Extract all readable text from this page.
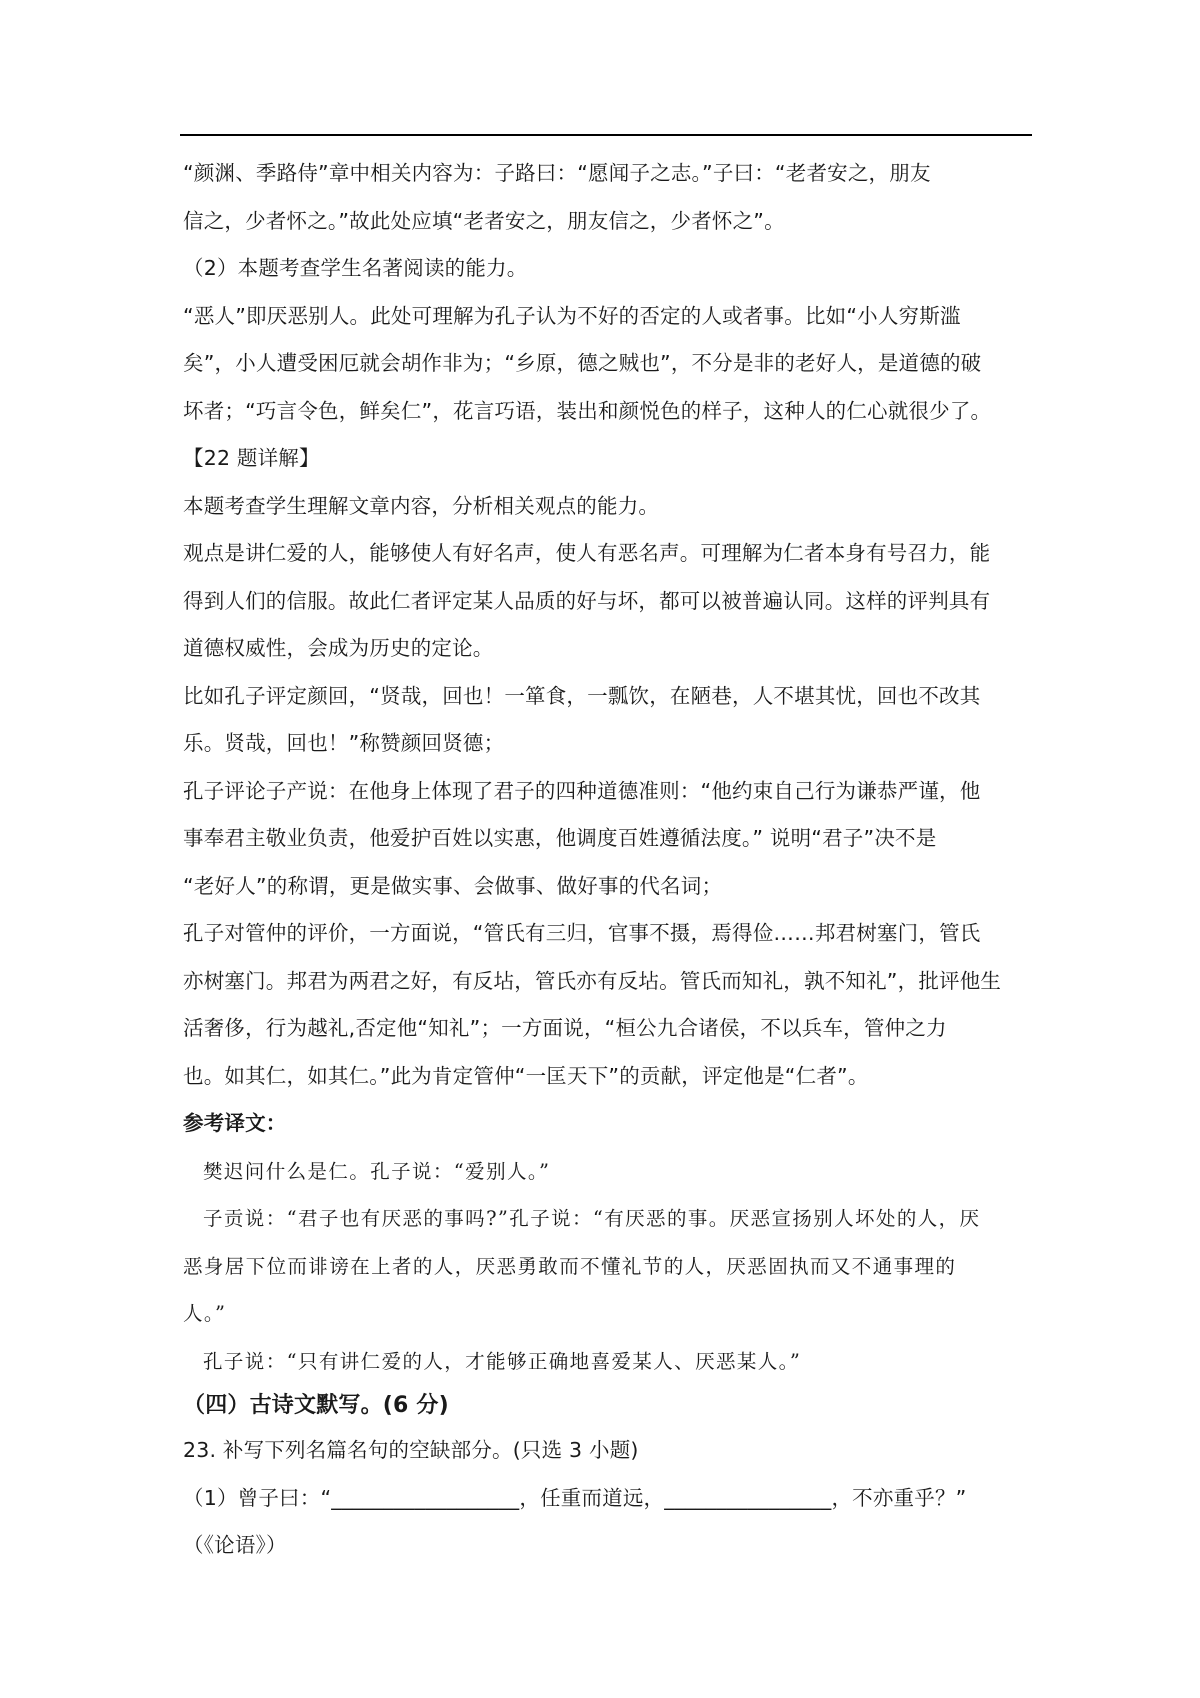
“颜渊、季路侍”章中相关内容为：子路曰：“愿闻子之志。”子曰：“老者安之，朋友
信之，少者怀之。”故此处应填“老者安之，朋友信之，少者怀之”。
（2）本题考查学生名著阅读的能力。
“恶人”即厌恶别人。此处可理解为孔子认为不好的否定的人或者事。比如“小人穷斯滥
矣”，小人遭受困厄就会胡作非为；“乡原，德之贼也”，不分是非的老好人，是道德的破
坏者；“巧言令色，鲜矣仁”，花言巧语，装出和颜悦色的样子，这种人的仁心就很少了。
【22 题详解】
本题考查学生理解文章内容，分析相关观点的能力。
观点是讲仁爱的人，能够使人有好名声，使人有恶名声。可理解为仁者本身有号召力，能
得到人们的信服。故此仁者评定某人品质的好与坏，都可以被普遍认同。这样的评判具有
道德权威性，会成为历史的定论。
比如孔子评定颜回，“贤哉，回也！一箪食，一瓢饮，在陋巷，人不堪其忧，回也不改其
乐。贤哉，回也！”称赞颜回贤德；
孔子评论子产说：在他身上体现了君子的四种道德准则：“他约束自己行为谦恭严谨，他
事奉君主敬业负责，他爱护百姓以实惠，他调度百姓遵循法度。” 说明“君子”决不是
“老好人”的称谓，更是做实事、会做事、做好事的代名词；
孔子对管仲的评价，一方面说，“管氏有三归，官事不摄，焉得俭……邦君树塞门，管氏
亦树塞门。邦君为两君之好，有反坫，管氏亦有反坫。管氏而知礼，孰不知礼”，批评他生
活奢侈，行为越礼,否定他“知礼”；一方面说，“桓公九合诸侯，不以兵车，管仲之力
也。如其仁，如其仁。”此为肯定管仲“一匡天下”的贡献，评定他是“仁者”。
参考译文：
樊迟问什么是仁。孔子说：“爱别人。”
子贡说：“君子也有厌恶的事吗?”孔子说：“有厌恶的事。厌恶宣扬别人坏处的人，厌
恶身居下位而诽谤在上者的人，厌恶勇敢而不懂礼节的人，厌恶固执而又不通事理的
人。”
孔子说：“只有讲仁爱的人，才能够正确地喜爱某人、厌恶某人。”
（四）古诗文默写。(6 分)
23. 补写下列名篇名句的空缺部分。(只选 3 小题)
（1）曾子曰：“__________________，任重而道远，________________，不亦重乎？”
（《论语》）
